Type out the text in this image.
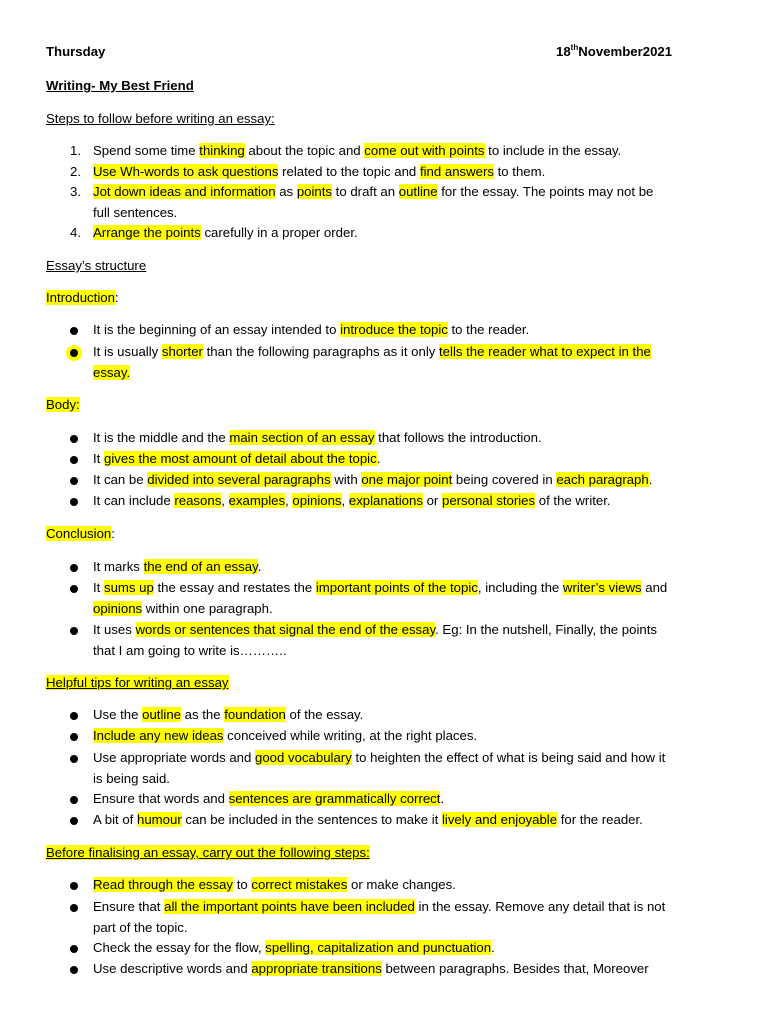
Thursday	18thNovember2021
Writing- My Best Friend
Steps to follow before writing an essay:
1. Spend some time thinking about the topic and come out with points to include in the essay.
2. Use Wh-words to ask questions related to the topic and find answers to them.
3. Jot down ideas and information as points to draft an outline for the essay. The points may not be
full sentences.
4. Arrange the points carefully in a proper order.
Essay’s structure
Introduction:
It is the beginning of an essay intended to introduce the topic to the reader.
It is usually shorter than the following paragraphs as it only tells the reader what to expect in the
essay.
Body:
It is the middle and the main section of an essay that follows the introduction.
It gives the most amount of detail about the topic.
It can be divided into several paragraphs with one major point being covered in each paragraph.
It can include reasons, examples, opinions, explanations or personal stories of the writer.
Conclusion:
It marks the end of an essay.
It sums up the essay and restates the important points of the topic, including the writer’s views and
opinions within one paragraph.
It uses words or sentences that signal the end of the essay. Eg: In the nutshell, Finally, the points
that I am going to write is………..
Helpful tips for writing an essay
Use the outline as the foundation of the essay.
Include any new ideas conceived while writing, at the right places.
Use appropriate words and good vocabulary to heighten the effect of what is being said and how it
is being said.
Ensure that words and sentences are grammatically correct.
A bit of humour can be included in the sentences to make it lively and enjoyable for the reader.
Before finalising an essay, carry out the following steps:
Read through the essay to correct mistakes or make changes.
Ensure that all the important points have been included in the essay. Remove any detail that is not
part of the topic.
Check the essay for the flow, spelling, capitalization and punctuation.
Use descriptive words and appropriate transitions between paragraphs. Besides that, Moreover
